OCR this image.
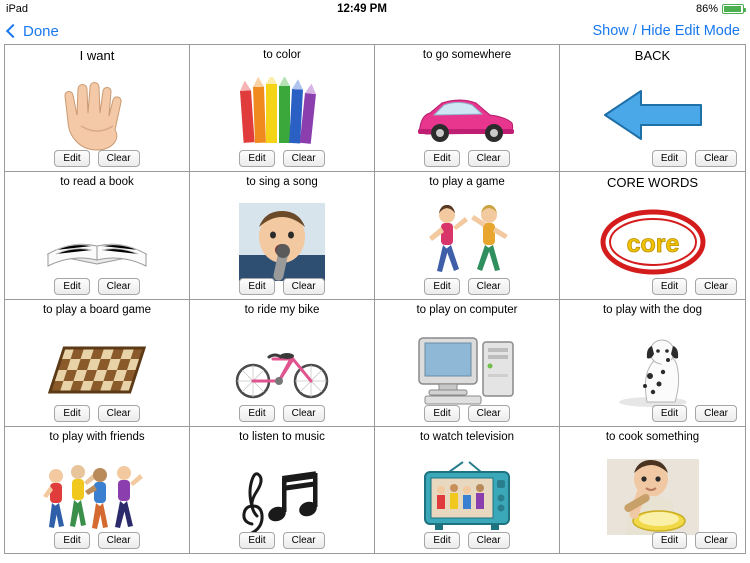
iPad	12:49 PM	86%
Done	Show / Hide Edit Mode
I want
Edit	Clear
to color
Edit	Clear
to go somewhere
Edit	Clear
BACK
Edit	Clear
to read a book
Edit	Clear
to sing a song
Edit	Clear
to play a game
Edit	Clear
CORE WORDS
core
Edit	Clear
to play a board game
Edit	Clear
to ride my bike
Edit	Clear
to play on computer
Edit	Clear
to play with the dog
Edit	Clear
to play with friends
Edit	Clear
to listen to music
Edit	Clear
to watch television
Edit	Clear
to cook something
Edit	Clear
